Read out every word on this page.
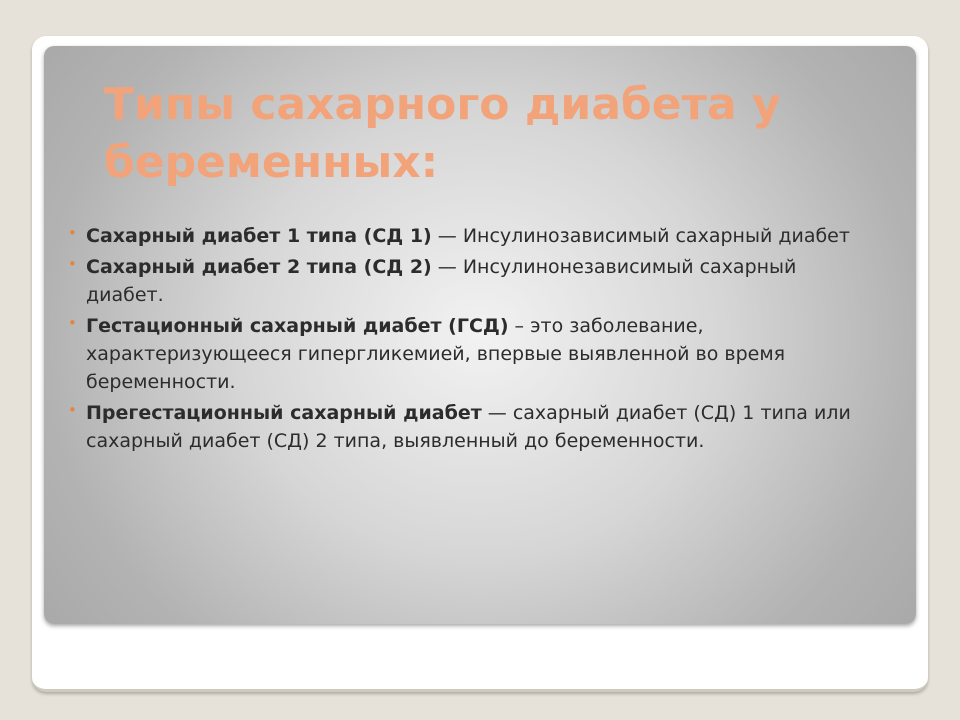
Типы сахарного диабета у беременных:
• Сахарный диабет 1 типа (СД 1) — Инсулинозависимый сахарный диабет
• Сахарный диабет 2 типа (СД 2) — Инсулинонезависимый сахарный диабет.
• Гестационный сахарный диабет (ГСД) – это заболевание, характеризующееся гипергликемией, впервые выявленной во время беременности.
• Прегестационный сахарный диабет — сахарный диабет (СД) 1 типа или сахарный диабет (СД) 2 типа, выявленный до беременности.
